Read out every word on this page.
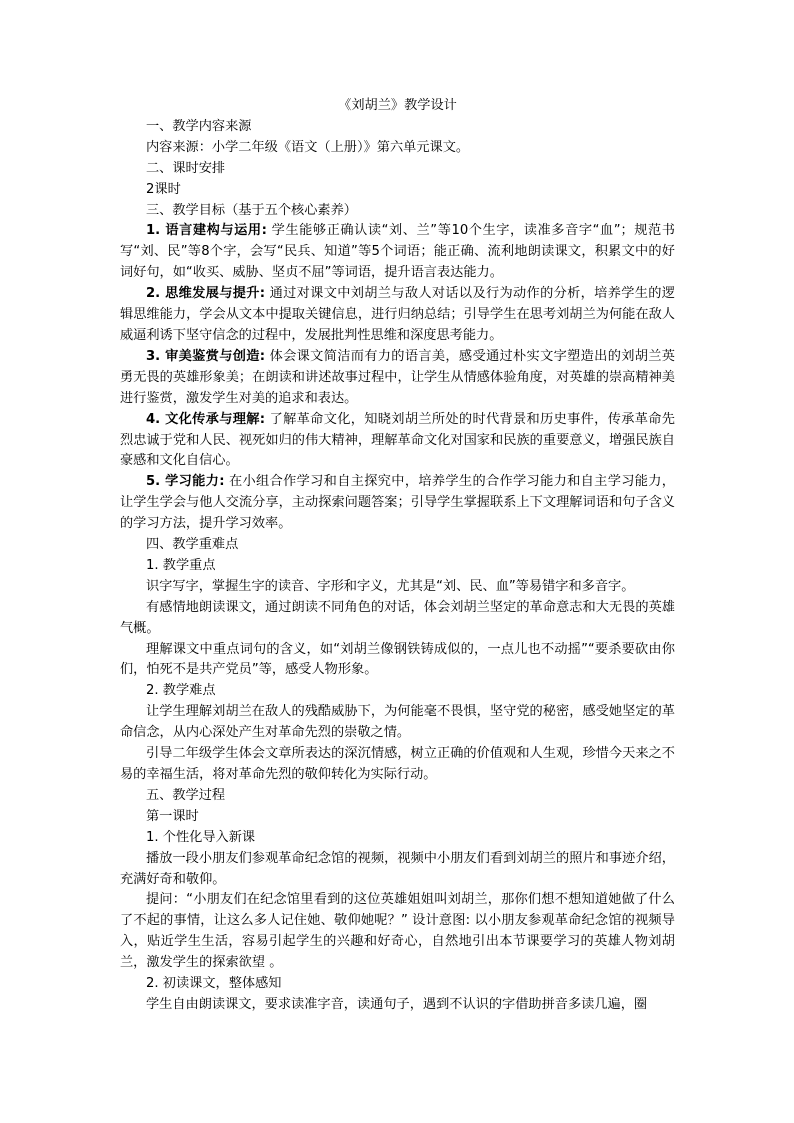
《刘胡兰》教学设计

一、教学内容来源

内容来源：小学二年级《语文（上册）》第六单元课文。

二、课时安排

2课时

三、教学目标（基于五个核心素养）

1. 语言建构与运用: 学生能够正确认读“刘、兰”等10个生字，读准多音字“血”；规范书写“刘、民”等8个字，会写“民兵、知道”等5个词语；能正确、流利地朗读课文，积累文中的好词好句，如“收买、威胁、坚贞不屈”等词语，提升语言表达能力。

2. 思维发展与提升: 通过对课文中刘胡兰与敌人对话以及行为动作的分析，培养学生的逻辑思维能力，学会从文本中提取关键信息，进行归纳总结；引导学生在思考刘胡兰为何能在敌人威逼利诱下坚守信念的过程中，发展批判性思维和深度思考能力。

3. 审美鉴赏与创造: 体会课文简洁而有力的语言美，感受通过朴实文字塑造出的刘胡兰英勇无畏的英雄形象美；在朗读和讲述故事过程中，让学生从情感体验角度，对英雄的崇高精神美进行鉴赏，激发学生对美的追求和表达。

4. 文化传承与理解: 了解革命文化，知晓刘胡兰所处的时代背景和历史事件，传承革命先烈忠诚于党和人民、视死如归的伟大精神，理解革命文化对国家和民族的重要意义，增强民族自豪感和文化自信心。

5. 学习能力: 在小组合作学习和自主探究中，培养学生的合作学习能力和自主学习能力，让学生学会与他人交流分享，主动探索问题答案；引导学生掌握联系上下文理解词语和句子含义的学习方法，提升学习效率。

四、教学重难点

1. 教学重点

识字写字，掌握生字的读音、字形和字义，尤其是“刘、民、血”等易错字和多音字。

有感情地朗读课文，通过朗读不同角色的对话，体会刘胡兰坚定的革命意志和大无畏的英雄气概。

理解课文中重点词句的含义，如“刘胡兰像钢铁铸成似的，一点儿也不动摇”“要杀要砍由你们，怕死不是共产党员”等，感受人物形象。

2. 教学难点

让学生理解刘胡兰在敌人的残酷威胁下，为何能毫不畏惧，坚守党的秘密，感受她坚定的革命信念，从内心深处产生对革命先烈的崇敬之情。

引导二年级学生体会文章所表达的深沉情感，树立正确的价值观和人生观，珍惜今天来之不易的幸福生活，将对革命先烈的敬仰转化为实际行动。

五、教学过程

第一课时

1. 个性化导入新课

播放一段小朋友们参观革命纪念馆的视频，视频中小朋友们看到刘胡兰的照片和事迹介绍，充满好奇和敬仰。

提问：“小朋友们在纪念馆里看到的这位英雄姐姐叫刘胡兰，那你们想不想知道她做了什么了不起的事情，让这么多人记住她、敬仰她呢？” 设计意图: 以小朋友参观革命纪念馆的视频导入，贴近学生生活，容易引起学生的兴趣和好奇心，自然地引出本节课要学习的英雄人物刘胡兰，激发学生的探索欲望 。

2. 初读课文，整体感知

学生自由朗读课文，要求读准字音，读通句子，遇到不认识的字借助拼音多读几遍，圈
